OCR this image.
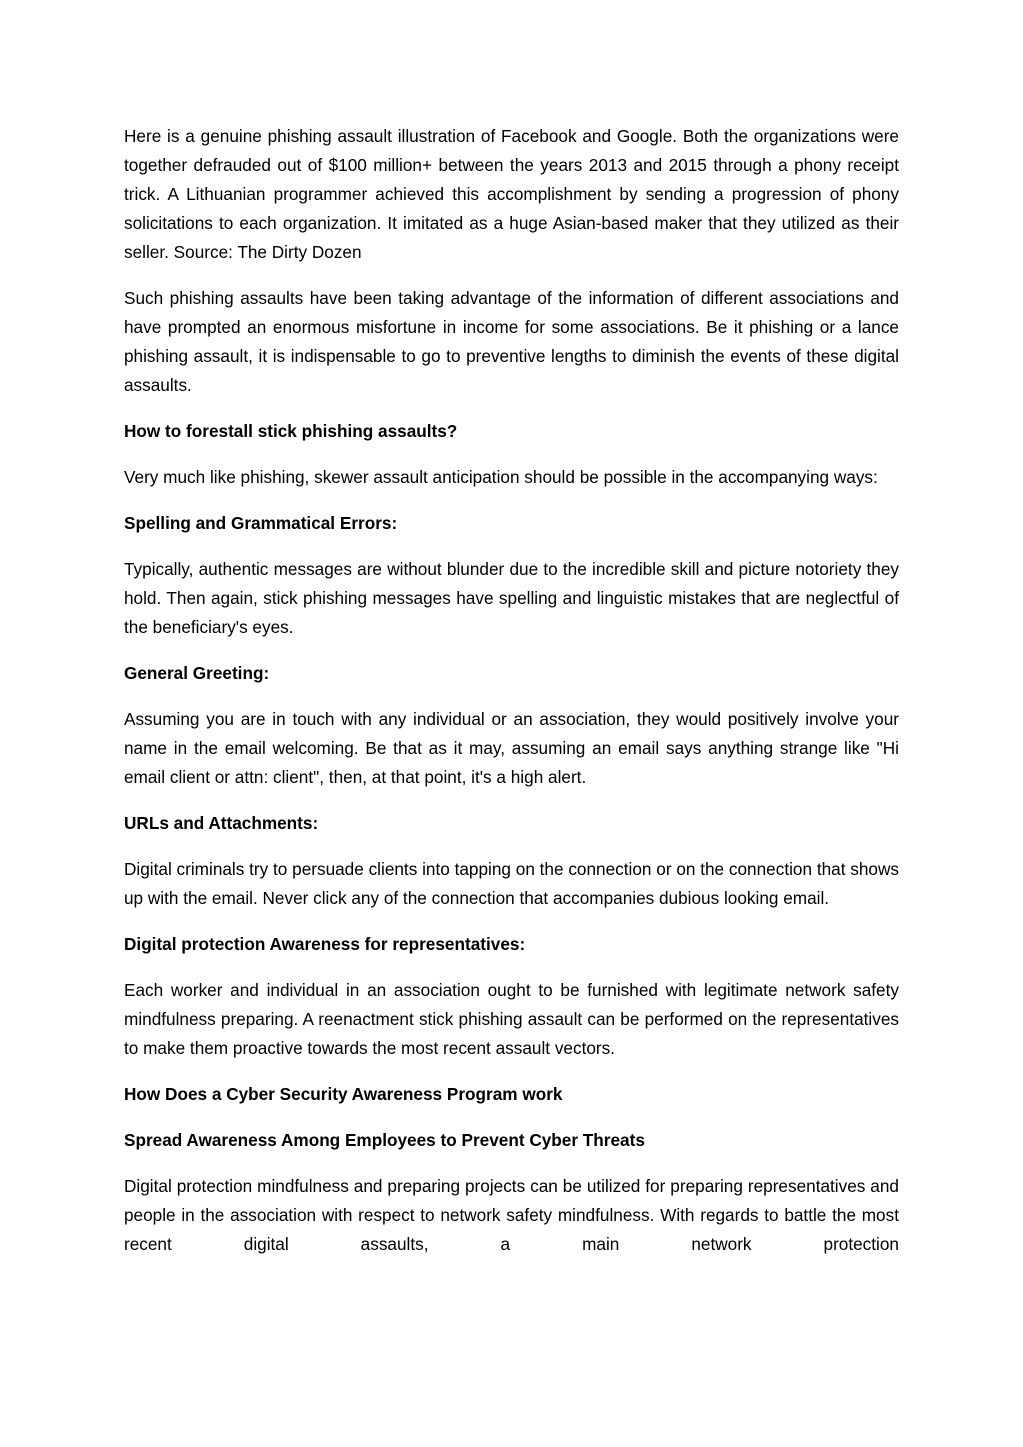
Here is a genuine phishing assault illustration of Facebook and Google. Both the organizations were together defrauded out of $100 million+ between the years 2013 and 2015 through a phony receipt trick. A Lithuanian programmer achieved this accomplishment by sending a progression of phony solicitations to each organization. It imitated as a huge Asian-based maker that they utilized as their seller. Source: The Dirty Dozen

Such phishing assaults have been taking advantage of the information of different associations and have prompted an enormous misfortune in income for some associations. Be it phishing or a lance phishing assault, it is indispensable to go to preventive lengths to diminish the events of these digital assaults.

How to forestall stick phishing assaults?

Very much like phishing, skewer assault anticipation should be possible in the accompanying ways:

Spelling and Grammatical Errors:

Typically, authentic messages are without blunder due to the incredible skill and picture notoriety they hold. Then again, stick phishing messages have spelling and linguistic mistakes that are neglectful of the beneficiary's eyes.

General Greeting:

Assuming you are in touch with any individual or an association, they would positively involve your name in the email welcoming. Be that as it may, assuming an email says anything strange like "Hi email client or attn: client", then, at that point, it's a high alert.

URLs and Attachments:

Digital criminals try to persuade clients into tapping on the connection or on the connection that shows up with the email. Never click any of the connection that accompanies dubious looking email.

Digital protection Awareness for representatives:

Each worker and individual in an association ought to be furnished with legitimate network safety mindfulness preparing. A reenactment stick phishing assault can be performed on the representatives to make them proactive towards the most recent assault vectors.

How Does a Cyber Security Awareness Program work

Spread Awareness Among Employees to Prevent Cyber Threats

Digital protection mindfulness and preparing projects can be utilized for preparing representatives and people in the association with respect to network safety mindfulness. With regards to battle the most recent digital assaults, a main network protection
